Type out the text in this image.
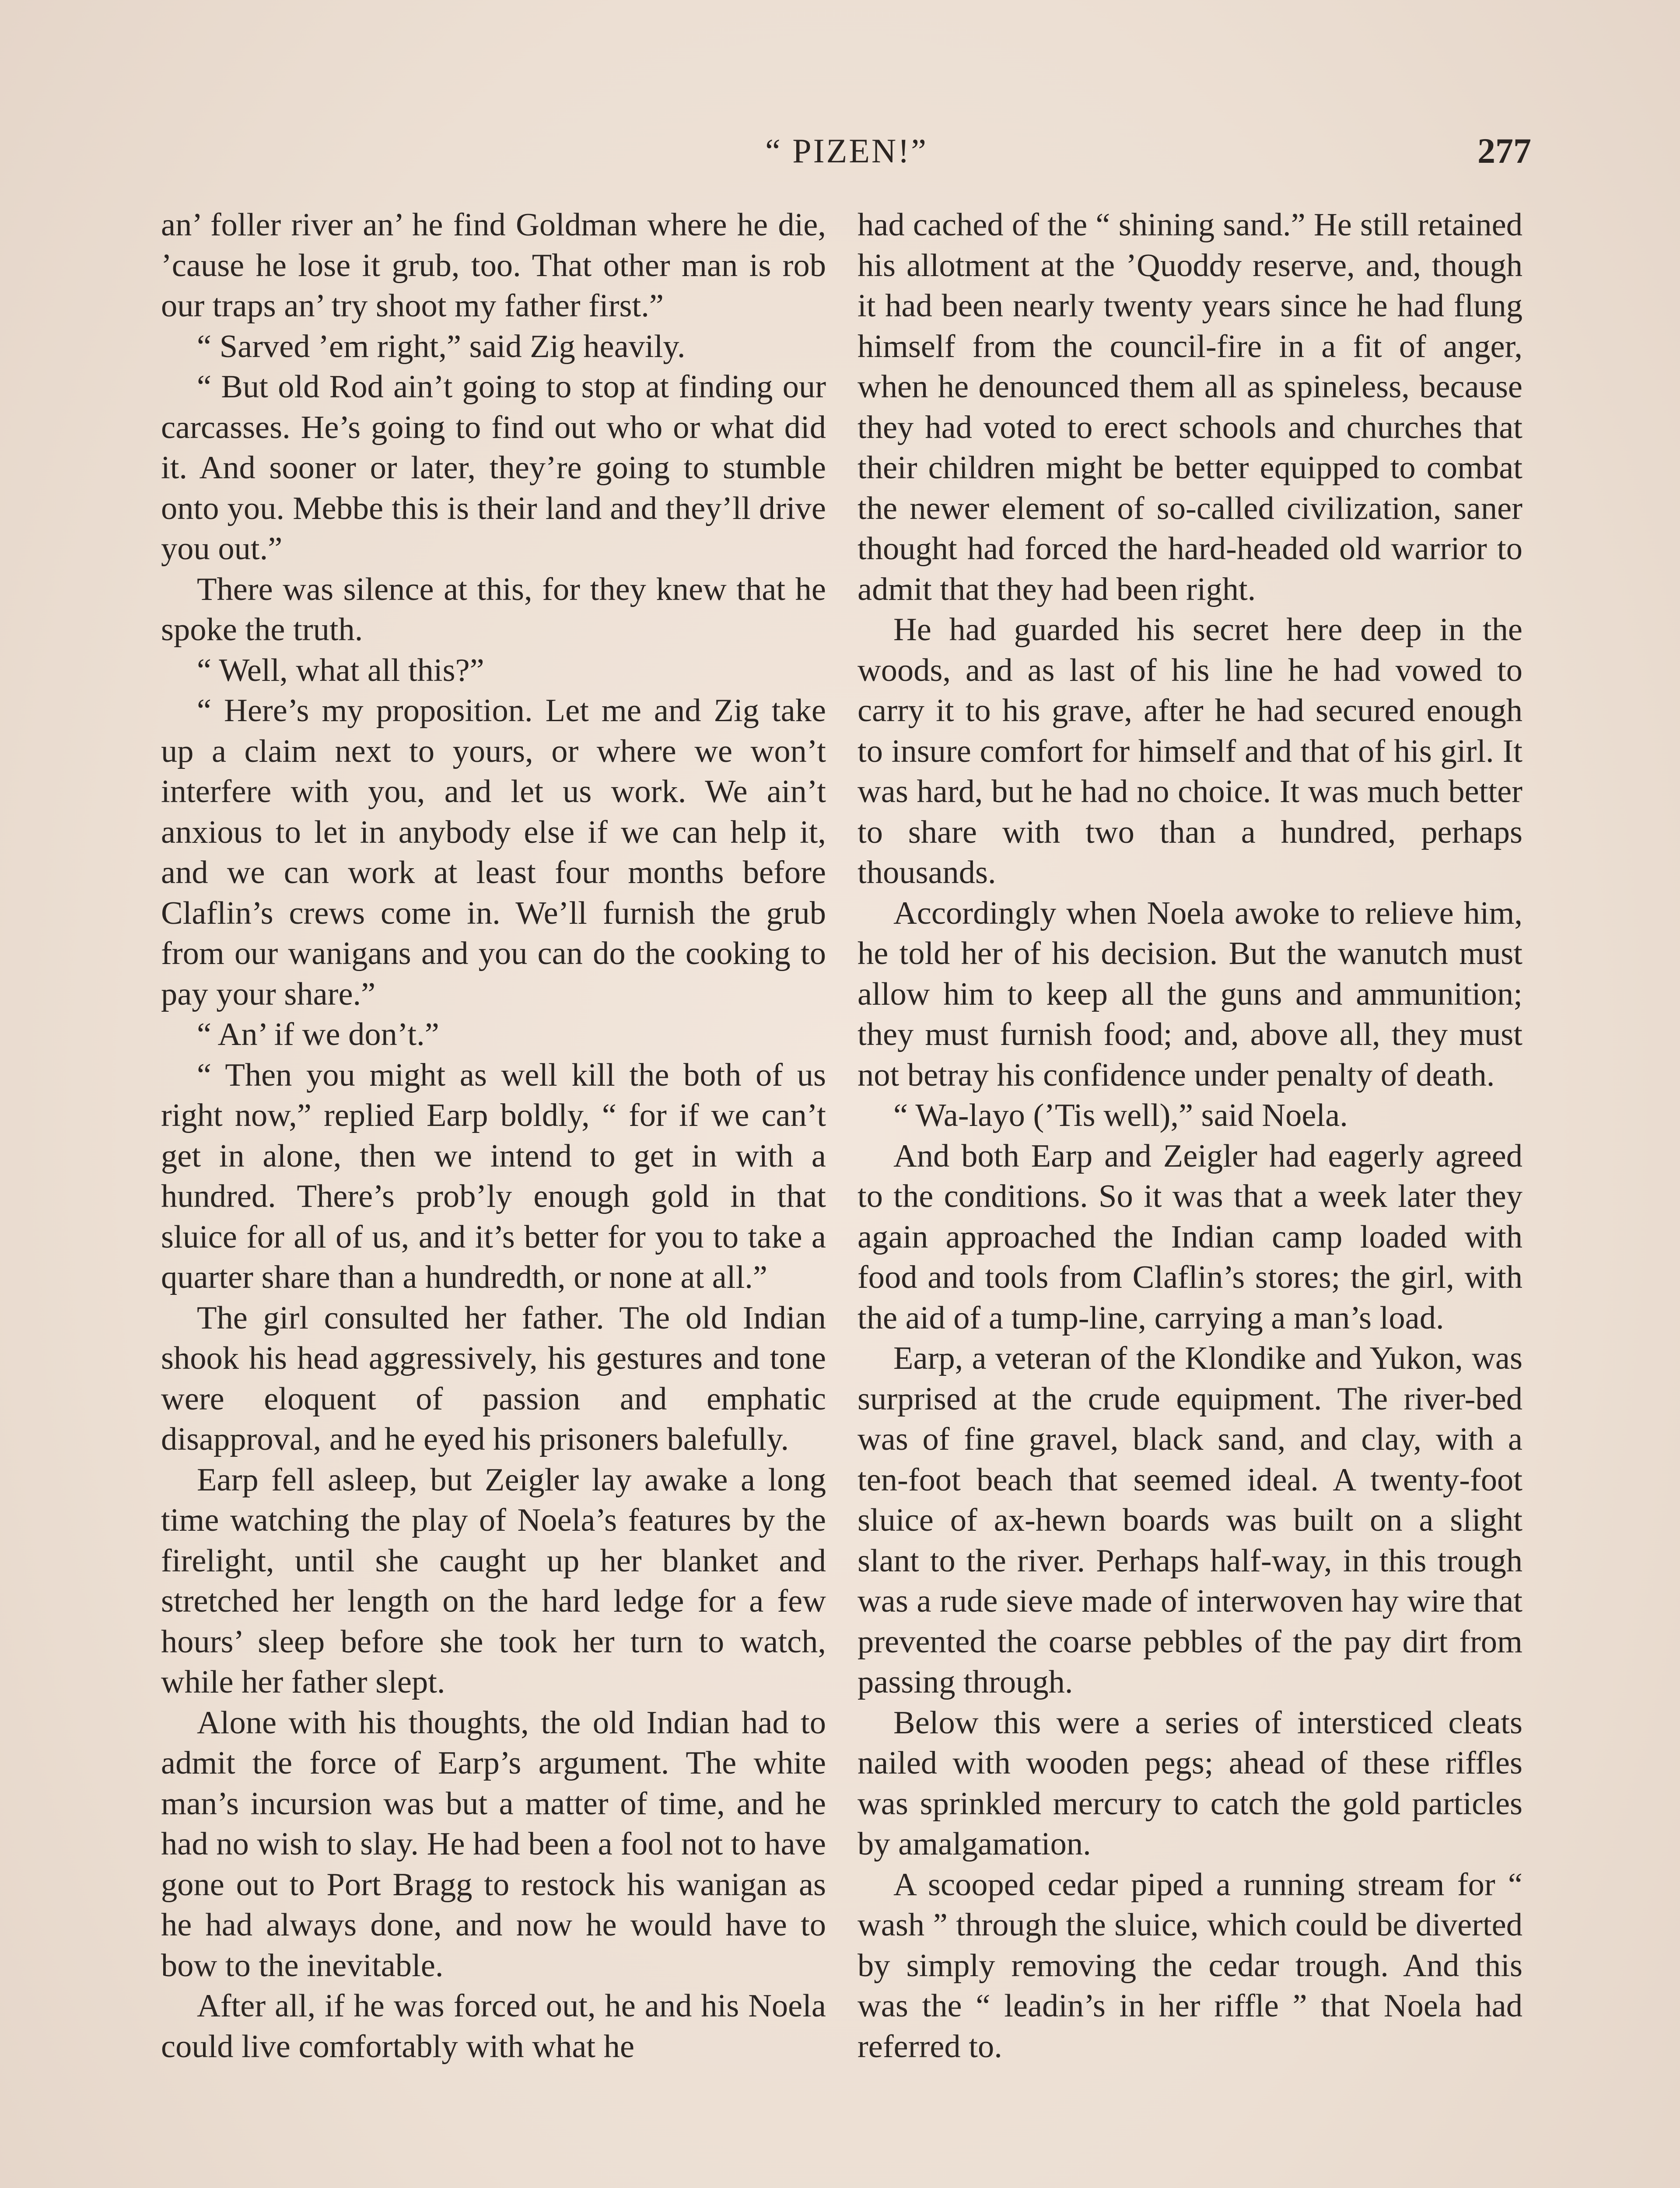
“ PIZEN!”	277

an’ foller river an’ he find Goldman where he die, ’cause he lose it grub, too. That other man is rob our traps an’ try shoot my father first.”

“ Sarved ’em right,” said Zig heavily.

“ But old Rod ain’t going to stop at finding our carcasses. He’s going to find out who or what did it. And sooner or later, they’re going to stumble onto you. Mebbe this is their land and they’ll drive you out.”

There was silence at this, for they knew that he spoke the truth.

“ Well, what all this?”

“ Here’s my proposition. Let me and Zig take up a claim next to yours, or where we won’t interfere with you, and let us work. We ain’t anxious to let in anybody else if we can help it, and we can work at least four months before Claflin’s crews come in. We’ll furnish the grub from our wanigans and you can do the cooking to pay your share.”

“ An’ if we don’t.”

“ Then you might as well kill the both of us right now,” replied Earp boldly, “ for if we can’t get in alone, then we intend to get in with a hundred. There’s prob’ly enough gold in that sluice for all of us, and it’s better for you to take a quarter share than a hundredth, or none at all.”

The girl consulted her father. The old Indian shook his head aggressively, his gestures and tone were eloquent of passion and emphatic disapproval, and he eyed his prisoners balefully.

Earp fell asleep, but Zeigler lay awake a long time watching the play of Noela’s features by the firelight, until she caught up her blanket and stretched her length on the hard ledge for a few hours’ sleep before she took her turn to watch, while her father slept.

Alone with his thoughts, the old Indian had to admit the force of Earp’s argument. The white man’s incursion was but a matter of time, and he had no wish to slay. He had been a fool not to have gone out to Port Bragg to restock his wanigan as he had always done, and now he would have to bow to the inevitable.

After all, if he was forced out, he and his Noela could live comfortably with what he

had cached of the “ shining sand.” He still retained his allotment at the ’Quoddy reserve, and, though it had been nearly twenty years since he had flung himself from the council-fire in a fit of anger, when he denounced them all as spineless, because they had voted to erect schools and churches that their children might be better equipped to combat the newer element of so-called civilization, saner thought had forced the hard-headed old warrior to admit that they had been right.

He had guarded his secret here deep in the woods, and as last of his line he had vowed to carry it to his grave, after he had secured enough to insure comfort for himself and that of his girl. It was hard, but he had no choice. It was much better to share with two than a hundred, perhaps thousands.

Accordingly when Noela awoke to relieve him, he told her of his decision. But the wanutch must allow him to keep all the guns and ammunition; they must furnish food; and, above all, they must not betray his confidence under penalty of death.

“ Wa-layo (’Tis well),” said Noela.

And both Earp and Zeigler had eagerly agreed to the conditions. So it was that a week later they again approached the Indian camp loaded with food and tools from Claflin’s stores; the girl, with the aid of a tump-line, carrying a man’s load.

Earp, a veteran of the Klondike and Yukon, was surprised at the crude equipment. The river-bed was of fine gravel, black sand, and clay, with a ten-foot beach that seemed ideal. A twenty-foot sluice of ax-hewn boards was built on a slight slant to the river. Perhaps half-way, in this trough was a rude sieve made of interwoven hay wire that prevented the coarse pebbles of the pay dirt from passing through.

Below this were a series of intersticed cleats nailed with wooden pegs; ahead of these riffles was sprinkled mercury to catch the gold particles by amalgamation.

A scooped cedar piped a running stream for “ wash ” through the sluice, which could be diverted by simply removing the cedar trough. And this was the “ leadin’s in her riffle ” that Noela had referred to.
